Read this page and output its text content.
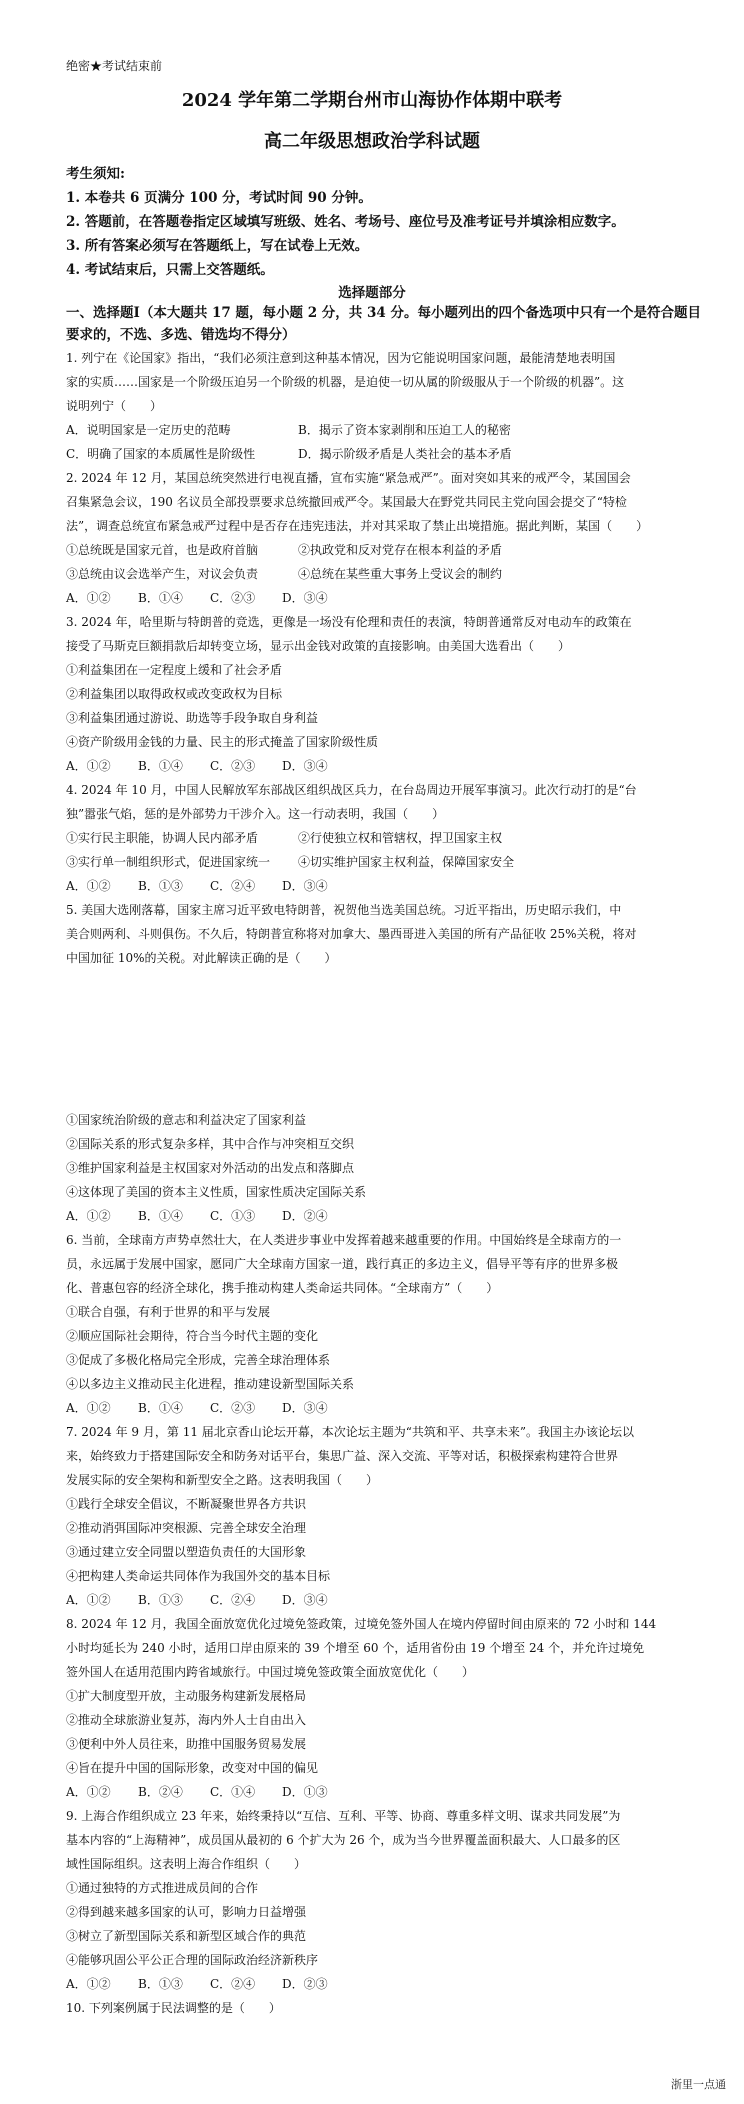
绝密★考试结束前
2024 学年第二学期台州市山海协作体期中联考
高二年级思想政治学科试题
考生须知:
1. 本卷共 6 页满分 100 分，考试时间 90 分钟。
2. 答题前，在答题卷指定区域填写班级、姓名、考场号、座位号及准考证号并填涂相应数字。
3. 所有答案必须写在答题纸上，写在试卷上无效。
4. 考试结束后，只需上交答题纸。
选择题部分
一、选择题Ⅰ（本大题共 17 题，每小题 2 分，共 34 分。每小题列出的四个备选项中只有一个是符合题目要求的，不选、多选、错选均不得分）
1. 列宁在《论国家》指出，“我们必须注意到这种基本情况，因为它能说明国家问题，最能清楚地表明国
家的实质……国家是一个阶级压迫另一个阶级的机器，是迫使一切从属的阶级服从于一个阶级的机器”。这
说明列宁（　　）
A．说明国家是一定历史的范畴	B．揭示了资本家剥削和压迫工人的秘密
C．明确了国家的本质属性是阶级性	D．揭示阶级矛盾是人类社会的基本矛盾
2. 2024 年 12 月，某国总统突然进行电视直播，宣布实施“紧急戒严”。面对突如其来的戒严令，某国国会
召集紧急会议，190 名议员全部投票要求总统撤回戒严令。某国最大在野党共同民主党向国会提交了“特检
法”，调查总统宣布紧急戒严过程中是否存在违宪违法，并对其采取了禁止出境措施。据此判断，某国（　　）
①总统既是国家元首，也是政府首脑	②执政党和反对党存在根本利益的矛盾
③总统由议会选举产生，对议会负责	④总统在某些重大事务上受议会的制约
A．①②	B．①④	C．②③	D．③④
3. 2024 年，哈里斯与特朗普的竞选，更像是一场没有伦理和责任的表演，特朗普通常反对电动车的政策在
接受了马斯克巨额捐款后却转变立场，显示出金钱对政策的直接影响。由美国大选看出（　　）
①利益集团在一定程度上缓和了社会矛盾
②利益集团以取得政权或改变政权为目标
③利益集团通过游说、助选等手段争取自身利益
④资产阶级用金钱的力量、民主的形式掩盖了国家阶级性质
A．①②	B．①④	C．②③	D．③④
4. 2024 年 10 月，中国人民解放军东部战区组织战区兵力，在台岛周边开展军事演习。此次行动打的是“台
独”嚣张气焰，惩的是外部势力干涉介入。这一行动表明，我国（　　）
①实行民主职能，协调人民内部矛盾	②行使独立权和管辖权，捍卫国家主权
③实行单一制组织形式，促进国家统一	④切实维护国家主权利益，保障国家安全
A．①②	B．①③	C．②④	D．③④
5. 美国大选刚落幕，国家主席习近平致电特朗普，祝贺他当选美国总统。习近平指出，历史昭示我们，中
美合则两利、斗则俱伤。不久后，特朗普宣称将对加拿大、墨西哥进入美国的所有产品征收 25%关税，将对
中国加征 10%的关税。对此解读正确的是（　　）
①国家统治阶级的意志和利益决定了国家利益
②国际关系的形式复杂多样，其中合作与冲突相互交织
③维护国家利益是主权国家对外活动的出发点和落脚点
④这体现了美国的资本主义性质，国家性质决定国际关系
A．①②	B．①④	C．①③	D．②④
6. 当前，全球南方声势卓然壮大，在人类进步事业中发挥着越来越重要的作用。中国始终是全球南方的一
员，永远属于发展中国家，愿同广大全球南方国家一道，践行真正的多边主义，倡导平等有序的世界多极
化、普惠包容的经济全球化，携手推动构建人类命运共同体。“全球南方”（　　）
①联合自强，有利于世界的和平与发展
②顺应国际社会期待，符合当今时代主题的变化
③促成了多极化格局完全形成，完善全球治理体系
④以多边主义推动民主化进程，推动建设新型国际关系
A．①②	B．①④	C．②③	D．③④
7. 2024 年 9 月，第 11 届北京香山论坛开幕，本次论坛主题为“共筑和平、共享未来”。我国主办该论坛以
来，始终致力于搭建国际安全和防务对话平台，集思广益、深入交流、平等对话，积极探索构建符合世界
发展实际的安全架构和新型安全之路。这表明我国（　　）
①践行全球安全倡议，不断凝聚世界各方共识
②推动消弭国际冲突根源、完善全球安全治理
③通过建立安全同盟以塑造负责任的大国形象
④把构建人类命运共同体作为我国外交的基本目标
A．①②	B．①③	C．②④	D．③④
8. 2024 年 12 月，我国全面放宽优化过境免签政策，过境免签外国人在境内停留时间由原来的 72 小时和 144
小时均延长为 240 小时，适用口岸由原来的 39 个增至 60 个，适用省份由 19 个增至 24 个，并允许过境免
签外国人在适用范围内跨省域旅行。中国过境免签政策全面放宽优化（　　）
①扩大制度型开放，主动服务构建新发展格局
②推动全球旅游业复苏，海内外人士自由出入
③便利中外人员往来，助推中国服务贸易发展
④旨在提升中国的国际形象，改变对中国的偏见
A．①②	B．②④	C．①④	D．①③
9. 上海合作组织成立 23 年来，始终秉持以“互信、互利、平等、协商、尊重多样文明、谋求共同发展”为
基本内容的“上海精神”，成员国从最初的 6 个扩大为 26 个，成为当今世界覆盖面积最大、人口最多的区
域性国际组织。这表明上海合作组织（　　）
①通过独特的方式推进成员间的合作
②得到越来越多国家的认可，影响力日益增强
③树立了新型国际关系和新型区域合作的典范
④能够巩固公平公正合理的国际政治经济新秩序
A．①②	B．①③	C．②④	D．②③
10. 下列案例属于民法调整的是（　　）
浙里一点通
